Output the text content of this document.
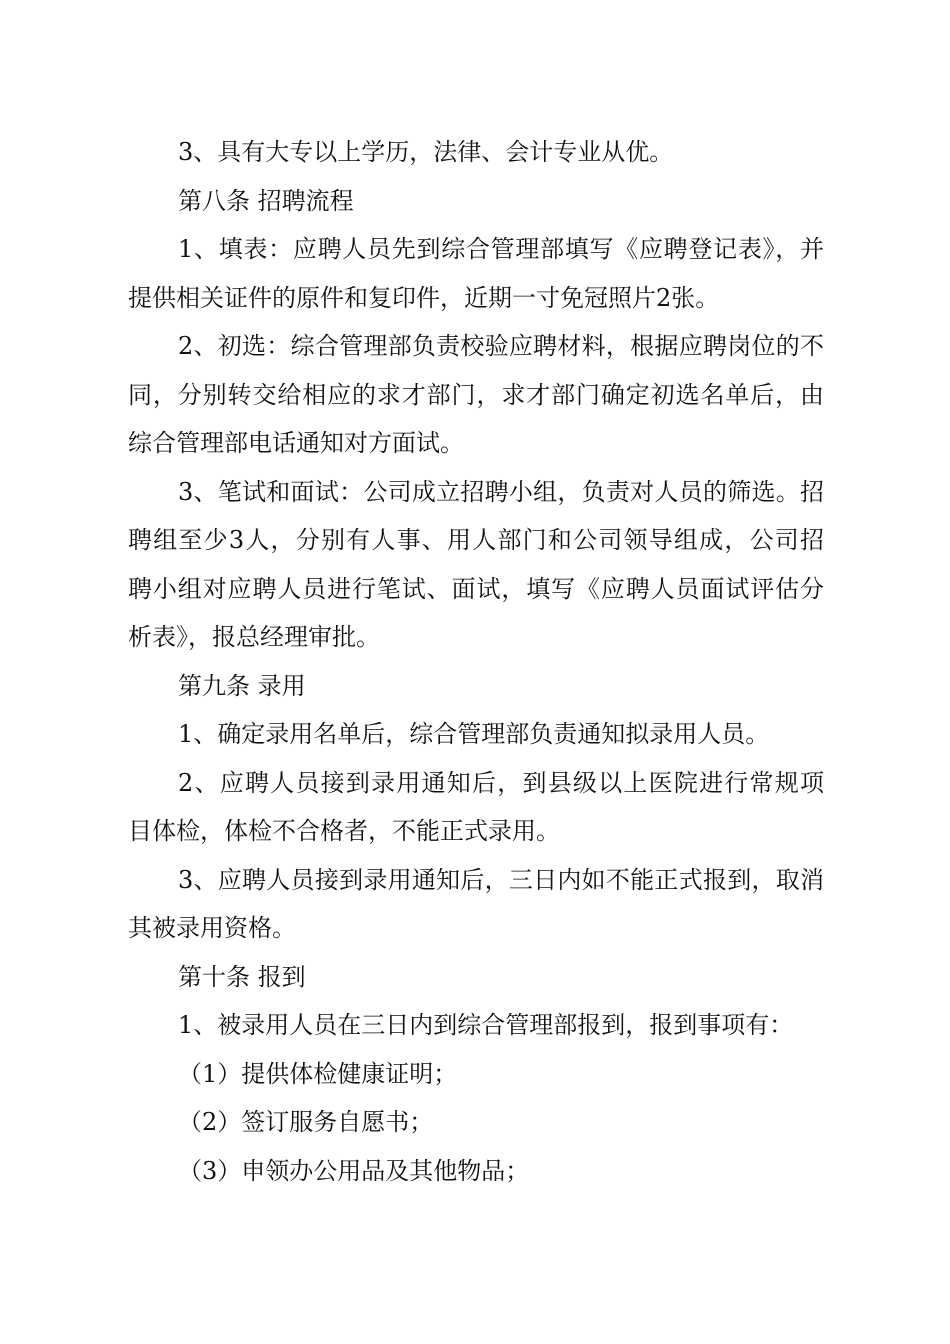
3、具有大专以上学历，法律、会计专业从优。
第八条 招聘流程
1、填表：应聘人员先到综合管理部填写《应聘登记表》，并
提供相关证件的原件和复印件，近期一寸免冠照片2张。
2、初选：综合管理部负责校验应聘材料，根据应聘岗位的不
同，分别转交给相应的求才部门，求才部门确定初选名单后，由
综合管理部电话通知对方面试。
3、笔试和面试：公司成立招聘小组，负责对人员的筛选。招
聘组至少3人，分别有人事、用人部门和公司领导组成，公司招
聘小组对应聘人员进行笔试、面试，填写《应聘人员面试评估分
析表》，报总经理审批。
第九条 录用
1、确定录用名单后，综合管理部负责通知拟录用人员。
2、应聘人员接到录用通知后，到县级以上医院进行常规项
目体检，体检不合格者，不能正式录用。
3、应聘人员接到录用通知后，三日内如不能正式报到，取消
其被录用资格。
第十条 报到
1、被录用人员在三日内到综合管理部报到，报到事项有：
（1）提供体检健康证明；
（2）签订服务自愿书；
（3）申领办公用品及其他物品；
